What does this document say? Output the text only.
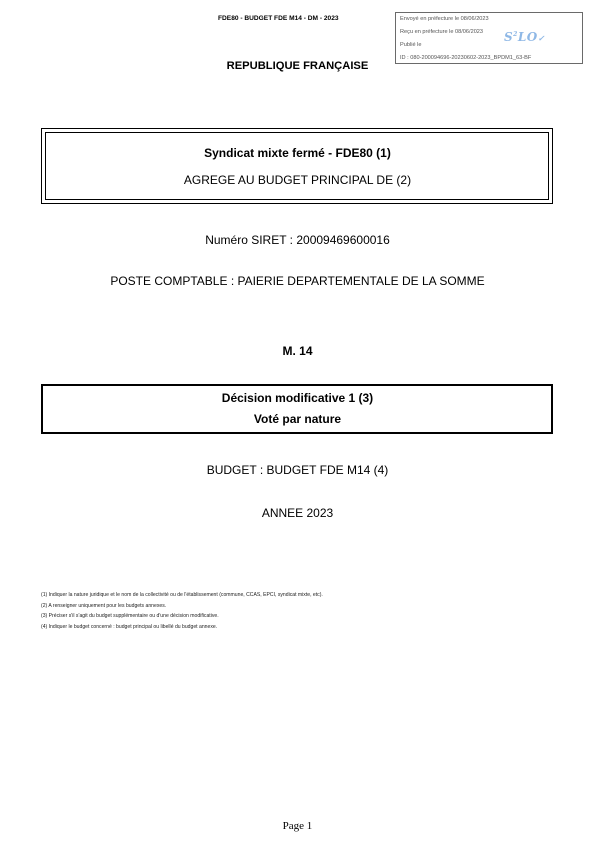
FDE80 - BUDGET FDE M14 - DM - 2023	Envoyé en préfecture le 08/06/2023
Reçu en préfecture le 08/06/2023
Publié le
ID : 080-200094696-20230602-2023_BPDM1_63-BF
$S^2LO✓$
REPUBLIQUE FRANÇAISE
Syndicat mixte fermé - FDE80 (1)
AGREGE AU BUDGET PRINCIPAL DE (2)
Numéro SIRET : 20009469600016
POSTE COMPTABLE : PAIERIE DEPARTEMENTALE DE LA SOMME
M. 14
Décision modificative 1 (3)
Voté par nature
BUDGET : BUDGET FDE M14 (4)
ANNEE 2023
(1) Indiquer la nature juridique et le nom de la collectivité ou de l'établissement (commune, CCAS, EPCI, syndicat mixte, etc).
(2) A renseigner uniquement pour les budgets annexes.
(3) Préciser s'il s'agit du budget supplémentaire ou d'une décision modificative.
(4) Indiquer le budget concerné : budget principal ou libellé du budget annexe.
Page 1
